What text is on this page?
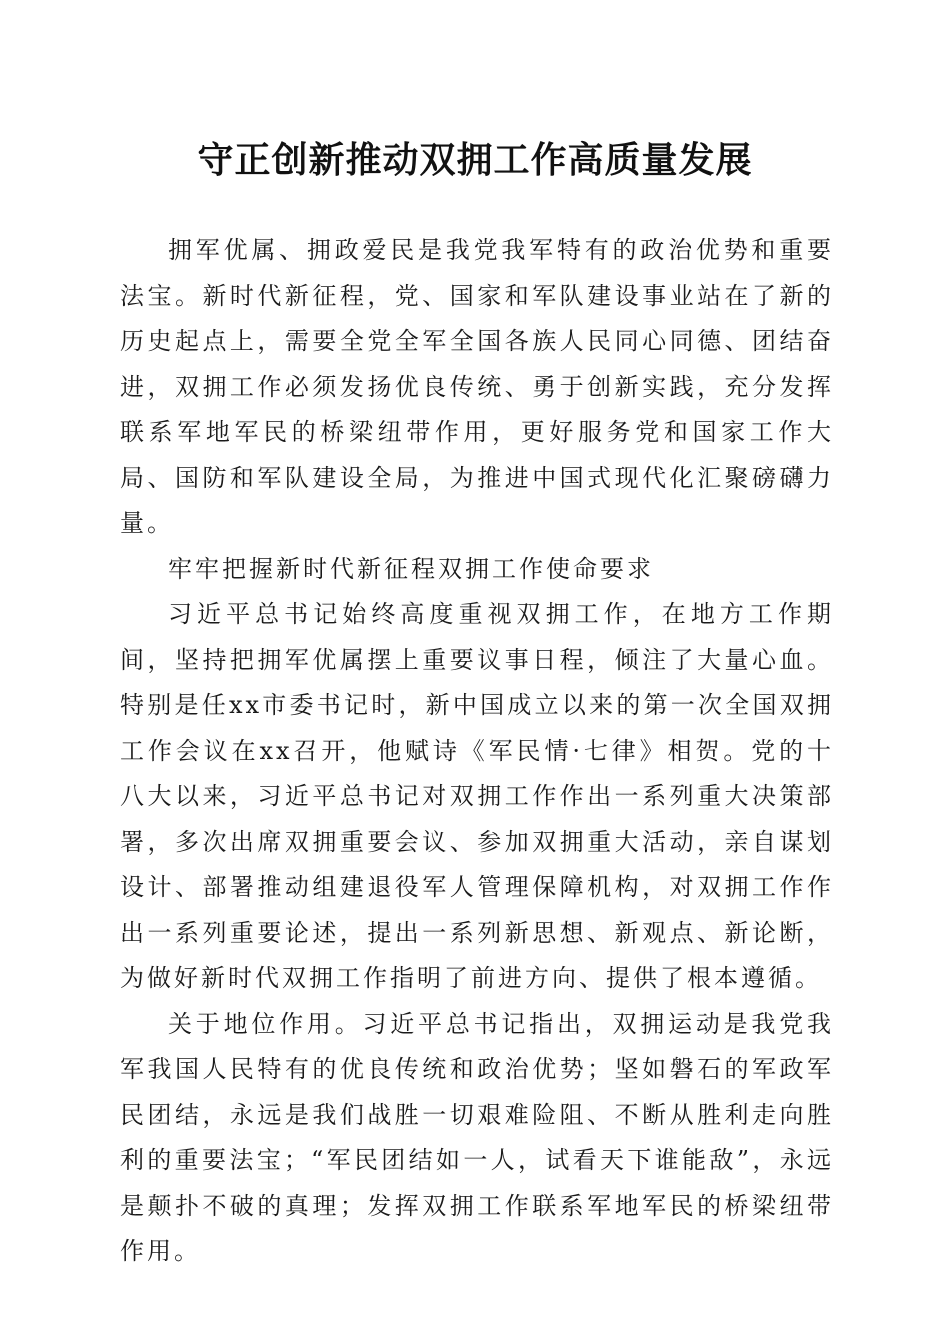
守正创新推动双拥工作高质量发展

拥军优属、拥政爱民是我党我军特有的政治优势和重要法宝。新时代新征程，党、国家和军队建设事业站在了新的历史起点上，需要全党全军全国各族人民同心同德、团结奋进，双拥工作必须发扬优良传统、勇于创新实践，充分发挥联系军地军民的桥梁纽带作用，更好服务党和国家工作大局、国防和军队建设全局，为推进中国式现代化汇聚磅礴力量。

牢牢把握新时代新征程双拥工作使命要求

习近平总书记始终高度重视双拥工作，在地方工作期间，坚持把拥军优属摆上重要议事日程，倾注了大量心血。特别是任xx市委书记时，新中国成立以来的第一次全国双拥工作会议在xx召开，他赋诗《军民情·七律》相贺。党的十八大以来，习近平总书记对双拥工作作出一系列重大决策部署，多次出席双拥重要会议、参加双拥重大活动，亲自谋划设计、部署推动组建退役军人管理保障机构，对双拥工作作出一系列重要论述，提出一系列新思想、新观点、新论断，为做好新时代双拥工作指明了前进方向、提供了根本遵循。

关于地位作用。习近平总书记指出，双拥运动是我党我军我国人民特有的优良传统和政治优势；坚如磐石的军政军民团结，永远是我们战胜一切艰难险阻、不断从胜利走向胜利的重要法宝；“军民团结如一人，试看天下谁能敌”，永远是颠扑不破的真理；发挥双拥工作联系军地军民的桥梁纽带作用。
